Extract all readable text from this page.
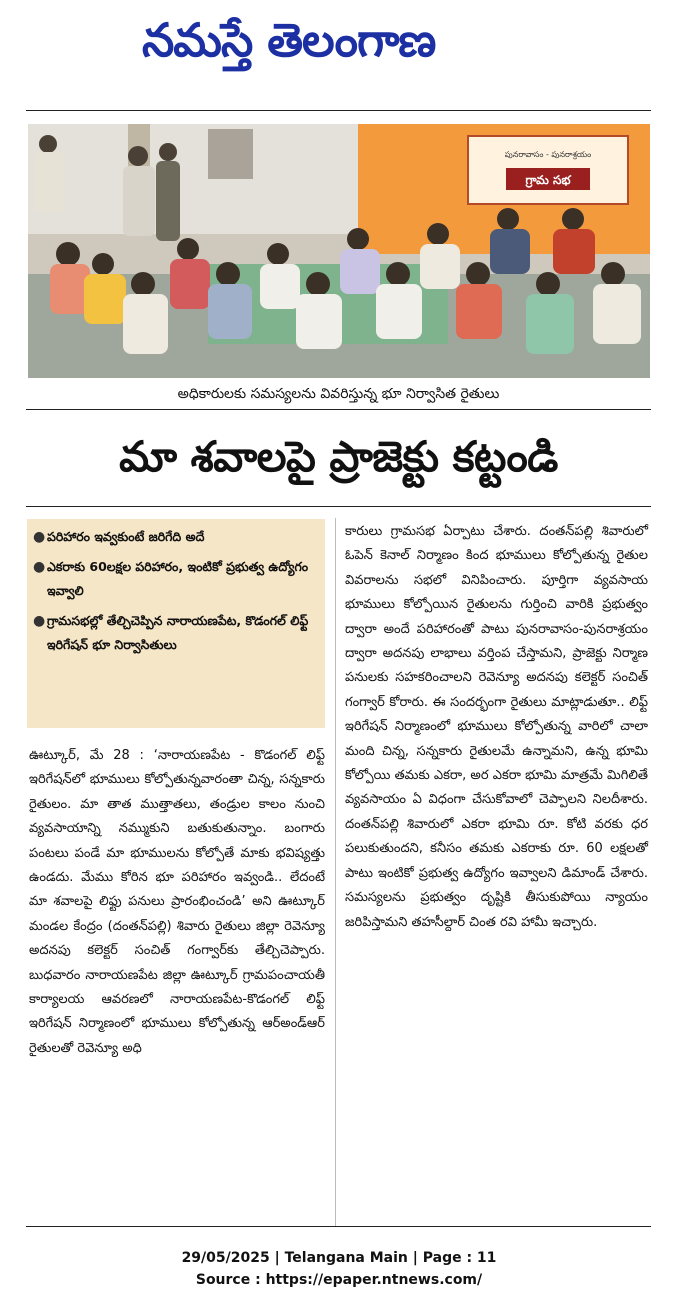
నమస్తే తెలంగాణ
పునరావాసం - పునరాశ్రయం
గ్రామ సభ
అధికారులకు సమస్యలను వివరిస్తున్న భూ నిర్వాసిత రైతులు
మా శవాలపై ప్రాజెక్టు కట్టండి
● పరిహారం ఇవ్వకుంటే జరిగేది అదే
● ఎకరాకు 60లక్షల పరిహారం, ఇంటికో ప్రభుత్వ ఉద్యోగం ఇవ్వాలి
● గ్రామసభల్లో తేల్చిచెప్పిన నారాయణపేట, కొడంగల్ లిఫ్ట్ ఇరిగేషన్ భూ నిర్వాసితులు

ఊట్కూర్, మే 28 : ‘నారాయణపేట - కొడంగల్ లిఫ్ట్ ఇరిగేషన్‌లో భూములు కోల్పోతున్నవారంతా చిన్న, సన్నకారు రైతులం. మా తాత ముత్తాతలు, తండ్రుల కాలం నుంచి వ్యవసాయాన్ని నమ్ముకుని బతుకుతున్నాం. బంగారు పంటలు పండే మా భూములను కోల్పోతే మాకు భవిష్యత్తు ఉండదు. మేము కోరిన భూ పరిహారం ఇవ్వండి.. లేదంటే మా శవాలపై లిఫ్టు పనులు ప్రారంభించండి’ అని ఊట్కూర్ మండల కేంద్రం (దంతన్‌పల్లి) శివారు రైతులు జిల్లా రెవెన్యూ అదనపు కలెక్టర్ సంచిత్ గంగ్వార్‌కు తేల్చిచెప్పారు. బుధవారం నారాయణపేట జిల్లా ఊట్కూర్ గ్రామపంచాయతీ కార్యాలయ ఆవరణలో నారాయణపేట-కొడంగల్ లిఫ్ట్ ఇరిగేషన్ నిర్మాణంలో భూములు కోల్పోతున్న ఆర్‌అండ్‌ఆర్ రైతులతో రెవెన్యూ అధి

కారులు గ్రామసభ ఏర్పాటు చేశారు. దంతన్‌పల్లి శివారులో ఓపెన్ కెనాల్ నిర్మాణం కింద భూములు కోల్పోతున్న రైతుల వివరాలను సభలో వినిపించారు. పూర్తిగా వ్యవసాయ భూములు కోల్పోయిన రైతులను గుర్తించి వారికి ప్రభుత్వం ద్వారా అందే పరిహారంతో పాటు పునరావాసం-పునరాశ్రయం ద్వారా అదనపు లాభాలు వర్తింప చేస్తామని, ప్రాజెక్టు నిర్మాణ పనులకు సహకరించాలని రెవెన్యూ అదనపు కలెక్టర్ సంచిత్ గంగ్వార్ కోరారు. ఈ సందర్భంగా రైతులు మాట్లాడుతూ.. లిఫ్ట్ ఇరిగేషన్ నిర్మాణంలో భూములు కోల్పోతున్న వారిలో చాలా మంది చిన్న, సన్నకారు రైతులమే ఉన్నామని, ఉన్న భూమి కోల్పోయి తమకు ఎకరా, అర ఎకరా భూమి మాత్రమే మిగిలితే వ్యవసాయం ఏ విధంగా చేసుకోవాలో చెప్పాలని నిలదీశారు. దంతన్‌పల్లి శివారులో ఎకరా భూమి రూ. కోటి వరకు ధర పలుకుతుందని, కనీసం తమకు ఎకరాకు రూ. 60 లక్షలతో పాటు ఇంటికో ప్రభుత్వ ఉద్యోగం ఇవ్వాలని డిమాండ్ చేశారు. సమస్యలను ప్రభుత్వం దృష్టికి తీసుకుపోయి న్యాయం జరిపిస్తామని తహసీల్దార్ చింత రవి హామీ ఇచ్చారు.

29/05/2025 | Telangana Main | Page : 11
Source : https://epaper.ntnews.com/
